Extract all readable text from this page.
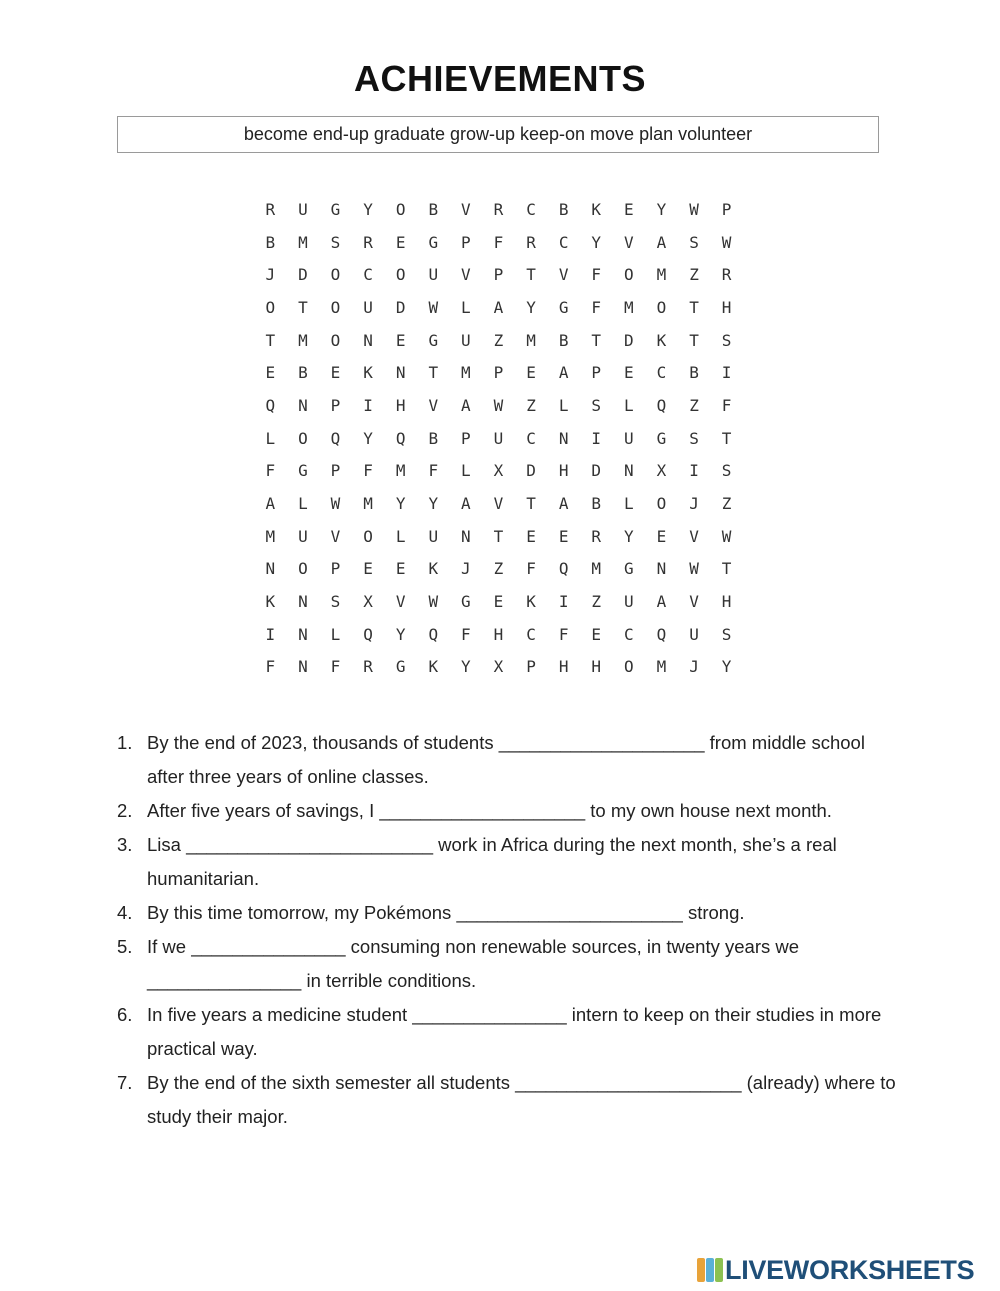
ACHIEVEMENTS
become end-up graduate grow-up keep-on move plan volunteer
R	U	G	Y	O	B	V	R	C	B	K	E	Y	W	P
B	M	S	R	E	G	P	F	R	C	Y	V	A	S	W
J	D	O	C	O	U	V	P	T	V	F	O	M	Z	R
O	T	O	U	D	W	L	A	Y	G	F	M	O	T	H
T	M	O	N	E	G	U	Z	M	B	T	D	K	T	S
E	B	E	K	N	T	M	P	E	A	P	E	C	B	I
Q	N	P	I	H	V	A	W	Z	L	S	L	Q	Z	F
L	O	Q	Y	Q	B	P	U	C	N	I	U	G	S	T
F	G	P	F	M	F	L	X	D	H	D	N	X	I	S
A	L	W	M	Y	Y	A	V	T	A	B	L	O	J	Z
M	U	V	O	L	U	N	T	E	E	R	Y	E	V	W
N	O	P	E	E	K	J	Z	F	Q	M	G	N	W	T
K	N	S	X	V	W	G	E	K	I	Z	U	A	V	H
I	N	L	Q	Y	Q	F	H	C	F	E	C	Q	U	S
F	N	F	R	G	K	Y	X	P	H	H	O	M	J	Y
1. By the end of 2023, thousands of students ____________________ from middle school after three years of online classes.
2. After five years of savings, I ____________________ to my own house next month.
3. Lisa ________________________ work in Africa during the next month, she’s a real humanitarian.
4. By this time tomorrow, my Pokémons ______________________ strong.
5. If we _______________ consuming non renewable sources, in twenty years we _______________ in terrible conditions.
6. In five years a medicine student _______________ intern to keep on their studies in more practical way.
7. By the end of the sixth semester all students ______________________ (already) where to study their major.
LIVEWORKSHEETS
